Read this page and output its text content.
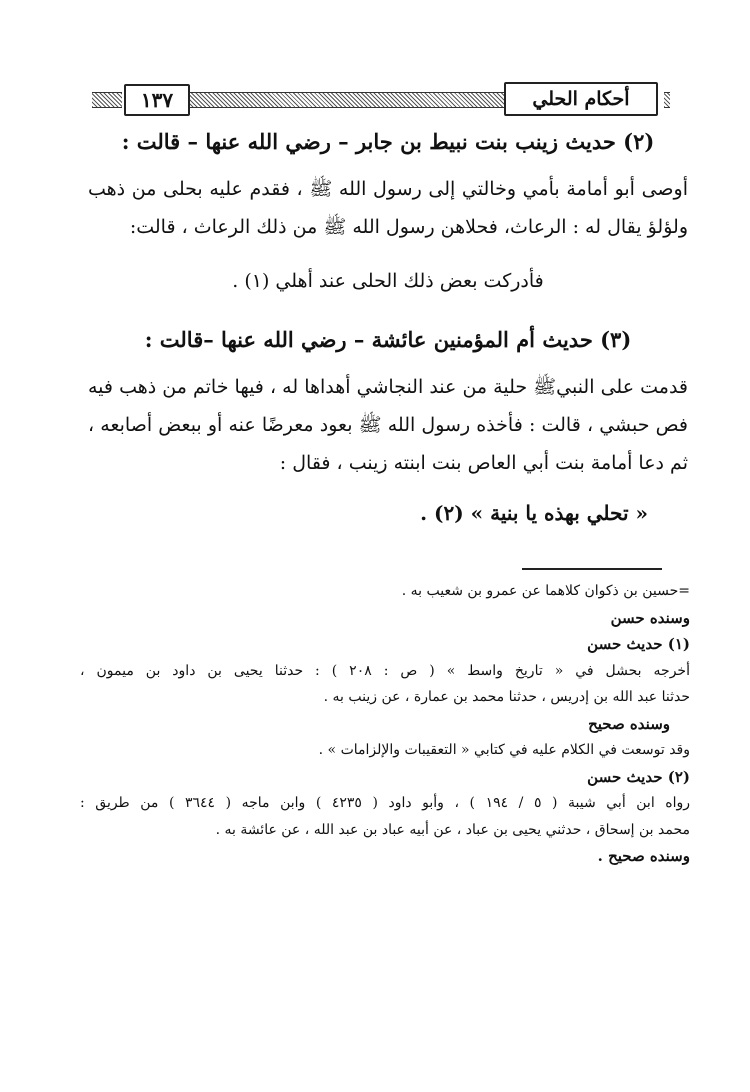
أحكام الحلي
١٣٧
(٢) حديث زينب بنت نبيط بن جابر – رضي الله عنها – قالت :

أوصى أبو أمامة بأمي وخالتي إلى رسول الله ﷺ ، فقدم عليه بحلى من ذهب ولؤلؤ يقال له : الرعاث، فحلاهن رسول الله ﷺ من ذلك الرعاث ، قالت:

فأدركت بعض ذلك الحلى عند أهلي (١) .

(٣) حديث أم المؤمنين عائشة – رضي الله عنها –قالت :

قدمت على النبيﷺ حلية من عند النجاشي أهداها له ، فيها خاتم من ذهب فيه فص حبشي ، قالت : فأخذه رسول الله ﷺ بعود معرضًا عنه أو ببعض أصابعه ، ثم دعا أمامة بنت أبي العاص بنت ابنته زينب ، فقال :

« تحلي بهذه يا بنية » (٢) .

=حسين بن ذكوان كلاهما عن عمرو بن شعيب به .

وسنده حسن

(١) حديث حسن

أخرجه بحشل في « تاريخ واسط » ( ص : ٢٠٨ ) : حدثنا يحيى بن داود بن ميمون ،

حدثنا عبد الله بن إدريس ، حدثنا محمد بن عمارة ، عن زينب به .

وسنده صحيح

وقد توسعت في الكلام عليه في كتابي « التعقيبات والإلزامات » .

(٢) حديث حسن

رواه ابن أبي شيبة ( ٥ / ١٩٤ ) ، وأبو داود ( ٤٢٣٥ ) وابن ماجه ( ٣٦٤٤ ) من طريق :

محمد بن إسحاق ، حدثني يحيى بن عباد ، عن أبيه عباد بن عبد الله ، عن عائشة به .

وسنده صحيح .
